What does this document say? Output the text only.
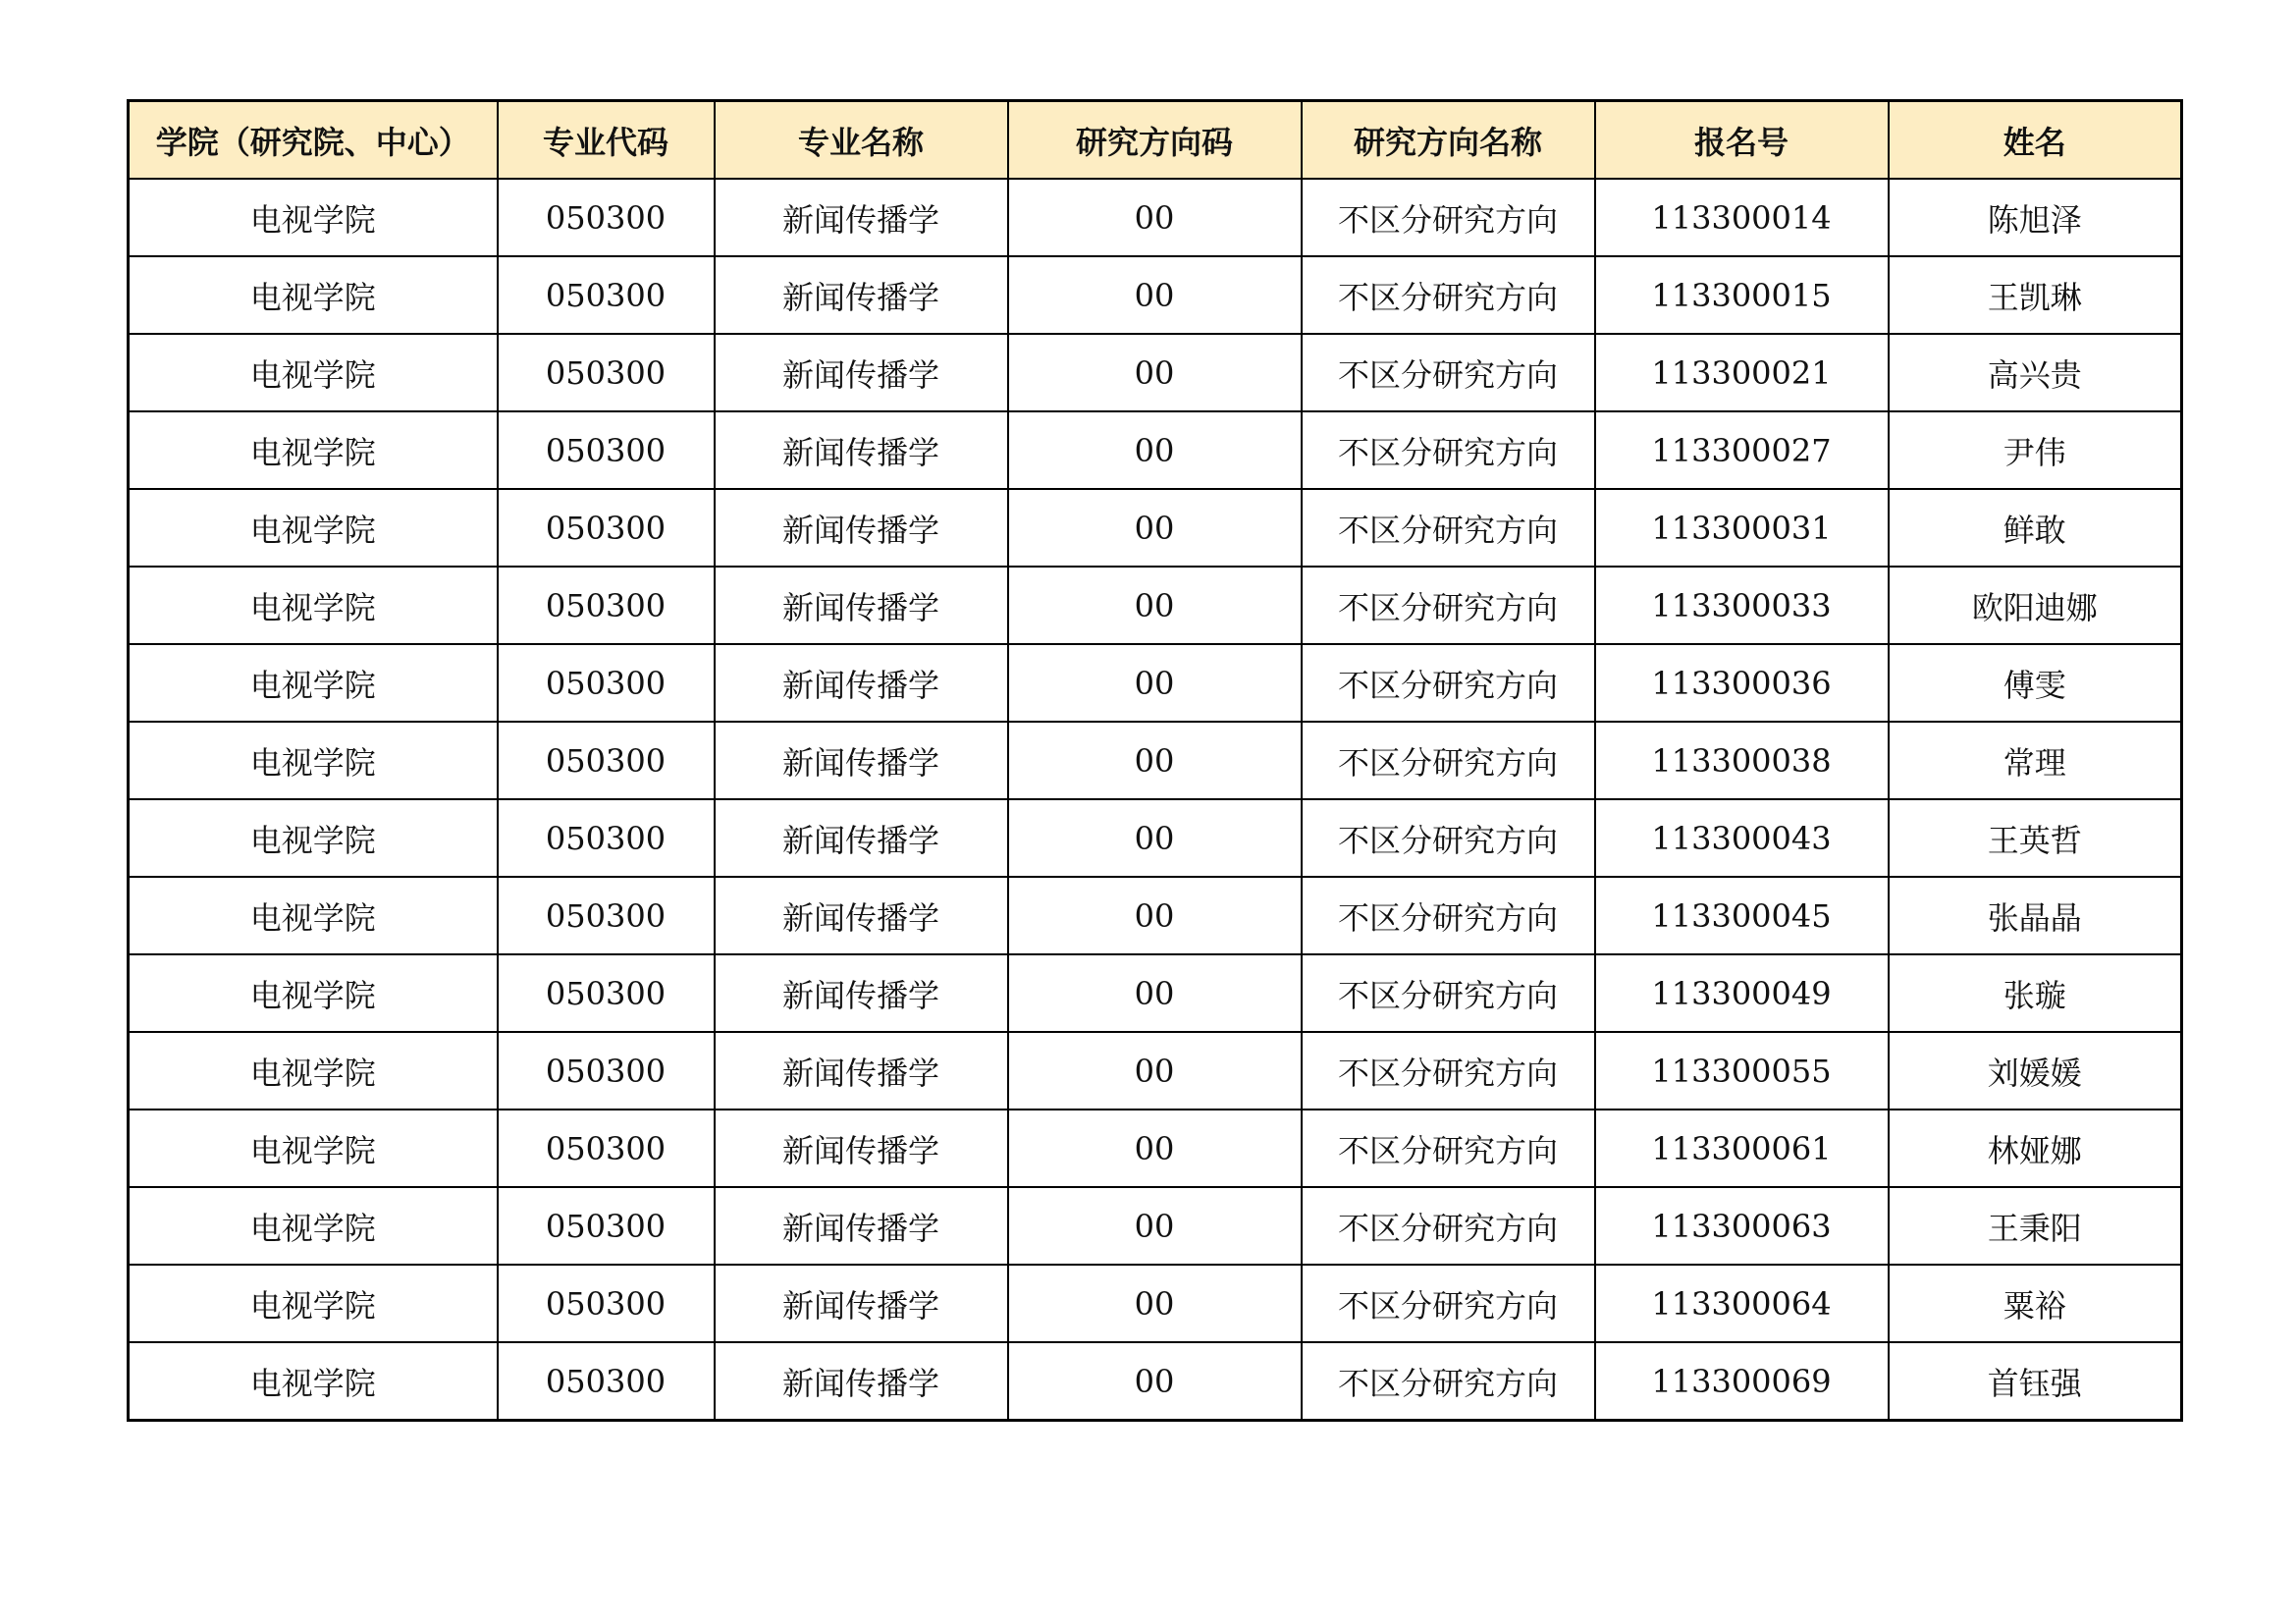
学院（研究院、中心）	专业代码	专业名称	研究方向码	研究方向名称	报名号	姓名
电视学院	050300	新闻传播学	00	不区分研究方向	113300014	陈旭泽
电视学院	050300	新闻传播学	00	不区分研究方向	113300015	王凯琳
电视学院	050300	新闻传播学	00	不区分研究方向	113300021	高兴贵
电视学院	050300	新闻传播学	00	不区分研究方向	113300027	尹伟
电视学院	050300	新闻传播学	00	不区分研究方向	113300031	鲜敢
电视学院	050300	新闻传播学	00	不区分研究方向	113300033	欧阳迪娜
电视学院	050300	新闻传播学	00	不区分研究方向	113300036	傅雯
电视学院	050300	新闻传播学	00	不区分研究方向	113300038	常理
电视学院	050300	新闻传播学	00	不区分研究方向	113300043	王英哲
电视学院	050300	新闻传播学	00	不区分研究方向	113300045	张晶晶
电视学院	050300	新闻传播学	00	不区分研究方向	113300049	张璇
电视学院	050300	新闻传播学	00	不区分研究方向	113300055	刘媛媛
电视学院	050300	新闻传播学	00	不区分研究方向	113300061	林娅娜
电视学院	050300	新闻传播学	00	不区分研究方向	113300063	王秉阳
电视学院	050300	新闻传播学	00	不区分研究方向	113300064	粟裕
电视学院	050300	新闻传播学	00	不区分研究方向	113300069	首钰强
